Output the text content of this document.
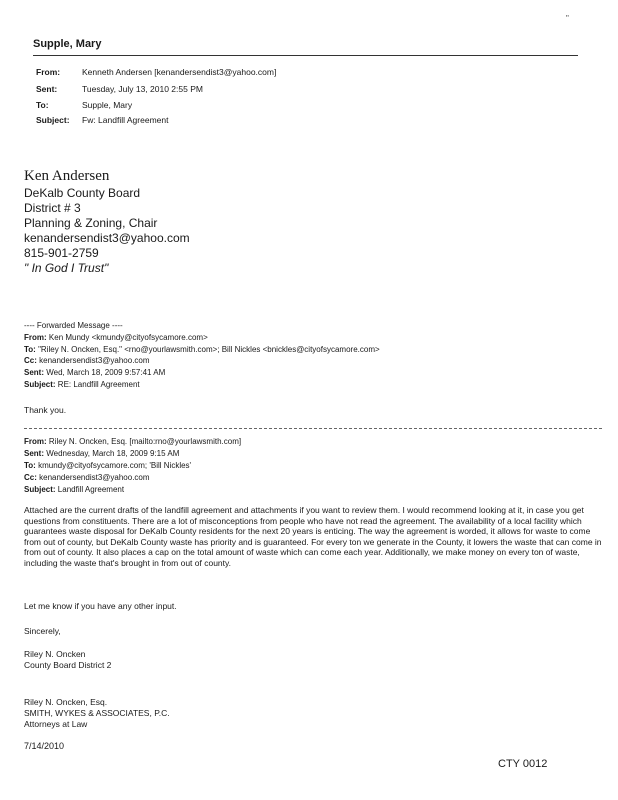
"
Supple, Mary
From:	Kenneth Andersen [kenandersendist3@yahoo.com]
Sent:	Tuesday, July 13, 2010 2:55 PM
To:	Supple, Mary
Subject: Fw: Landfill Agreement
Ken Andersen
DeKalb County Board
District # 3
Planning & Zoning, Chair
kenandersendist3@yahoo.com
815-901-2759
" In God I Trust"
---- Forwarded Message ----
From: Ken Mundy <kmundy@cityofsycamore.com>
To: "Riley N. Oncken, Esq." <rno@yourlawsmith.com>; Bill Nickles <bnickles@cityofsycamore.com>
Cc: kenandersendist3@yahoo.com
Sent: Wed, March 18, 2009 9:57:41 AM
Subject: RE: Landfill Agreement
Thank you.
From: Riley N. Oncken, Esq. [mailto:rno@yourlawsmith.com]
Sent: Wednesday, March 18, 2009 9:15 AM
To: kmundy@cityofsycamore.com; 'Bill Nickles'
Cc: kenandersendist3@yahoo.com
Subject: Landfill Agreement
Attached are the current drafts of the landfill agreement and attachments if you want to review them. I would recommend looking at it, in case you get questions from constituents. There are a lot of misconceptions from people who have not read the agreement. The availability of a local facility which guarantees waste disposal for DeKalb County residents for the next 20 years is enticing. The way the agreement is worded, it allows for waste to come from out of county, but DeKalb County waste has priority and is guaranteed. For every ton we generate in the County, it lowers the waste that can come in from out of county. It also places a cap on the total amount of waste which can come each year. Additionally, we make money on every ton of waste, including the waste that's brought in from out of county.
Let me know if you have any other input.
Sincerely,
Riley N. Oncken
County Board District 2
Riley N. Oncken, Esq.
SMITH, WYKES & ASSOCIATES, P.C.
Attorneys at Law
7/14/2010
CTY 0012
